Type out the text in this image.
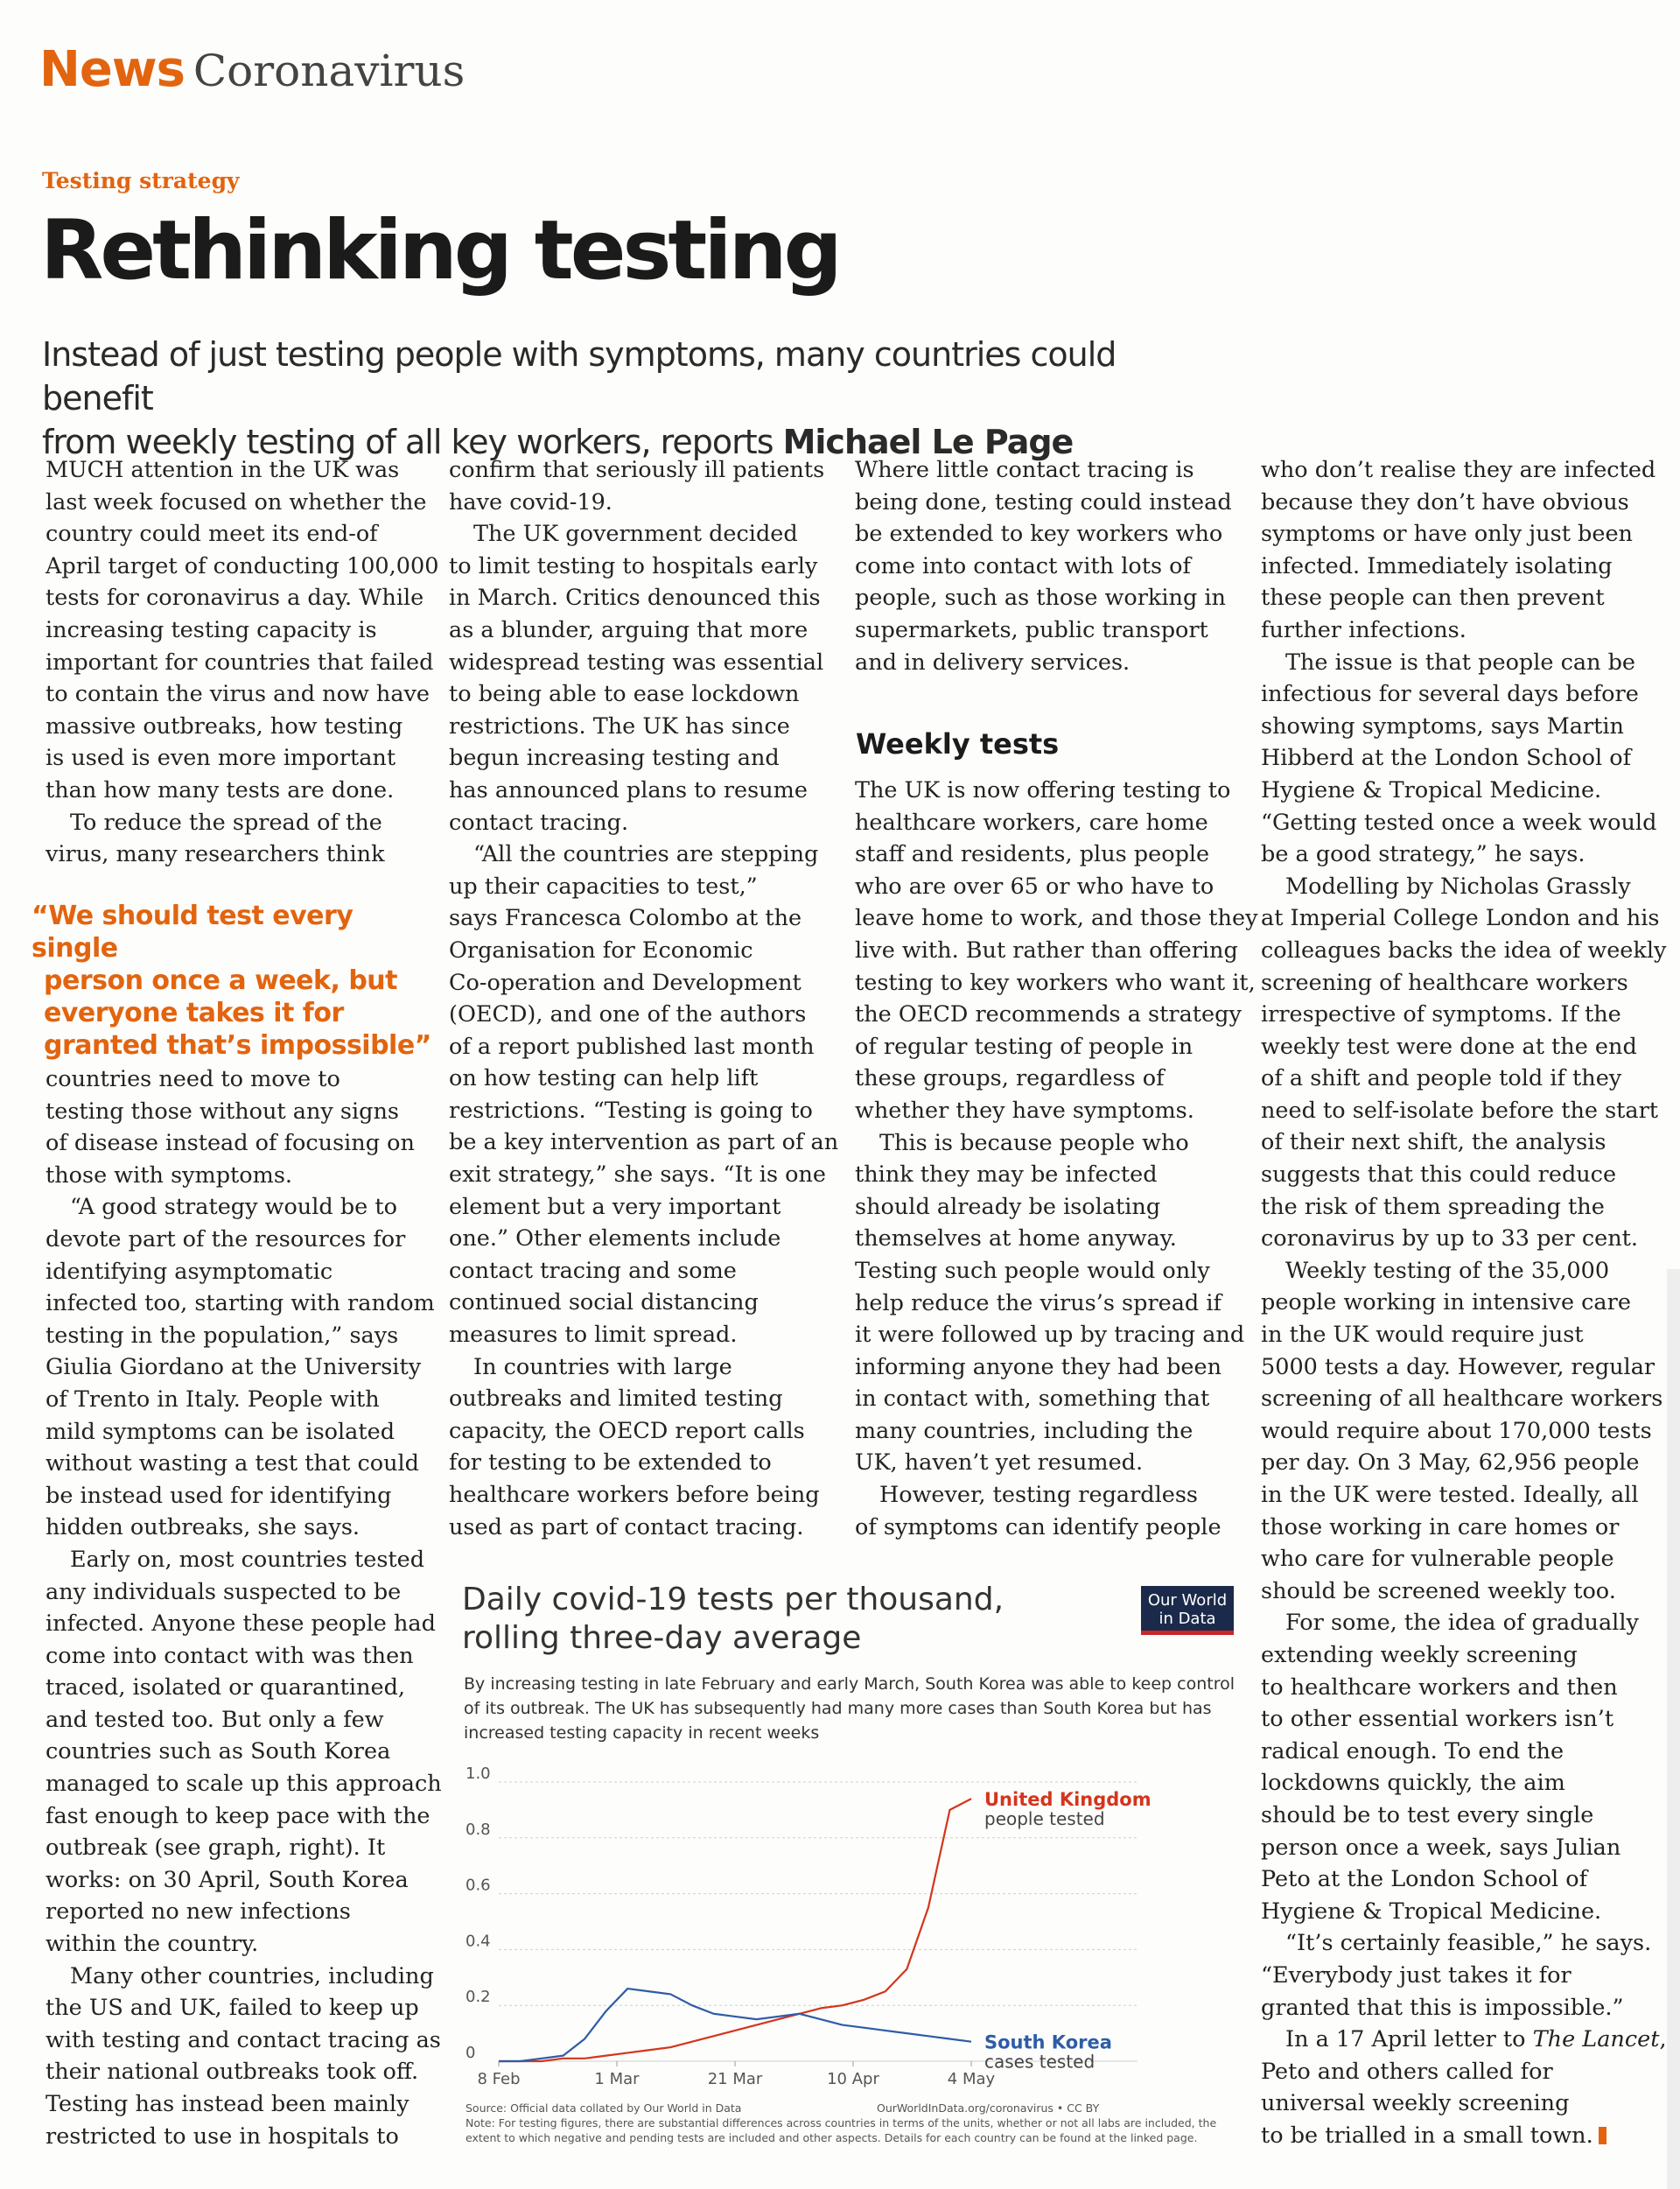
News Coronavirus
Testing strategy
Rethinking testing
Instead of just testing people with symptoms, many countries could benefit
from weekly testing of all key workers, reports Michael Le Page

MUCH attention in the UK was

last week focused on whether the

country could meet its end-of

April target of conducting 100,000

tests for coronavirus a day. While

increasing testing capacity is

important for countries that failed

to contain the virus and now have

massive outbreaks, how testing

is used is even more important

than how many tests are done.

To reduce the spread of the

virus, many researchers think

“We should test every single
person once a week, but
everyone takes it for
granted that’s impossible”

countries need to move to

testing those without any signs

of disease instead of focusing on

those with symptoms.

“A good strategy would be to

devote part of the resources for

identifying asymptomatic

infected too, starting with random

testing in the population,” says

Giulia Giordano at the University

of Trento in Italy. People with

mild symptoms can be isolated

without wasting a test that could

be instead used for identifying

hidden outbreaks, she says.

Early on, most countries tested

any individuals suspected to be

infected. Anyone these people had

come into contact with was then

traced, isolated or quarantined,

and tested too. But only a few

countries such as South Korea

managed to scale up this approach

fast enough to keep pace with the

outbreak (see graph, right). It

works: on 30 April, South Korea

reported no new infections

within the country.

Many other countries, including

the US and UK, failed to keep up

with testing and contact tracing as

their national outbreaks took off.

Testing has instead been mainly

restricted to use in hospitals to

confirm that seriously ill patients

have covid-19.

The UK government decided

to limit testing to hospitals early

in March. Critics denounced this

as a blunder, arguing that more

widespread testing was essential

to being able to ease lockdown

restrictions. The UK has since

begun increasing testing and

has announced plans to resume

contact tracing.

“All the countries are stepping

up their capacities to test,”

says Francesca Colombo at the

Organisation for Economic

Co-operation and Development

(OECD), and one of the authors

of a report published last month

on how testing can help lift

restrictions. “Testing is going to

be a key intervention as part of an

exit strategy,” she says. “It is one

element but a very important

one.” Other elements include

contact tracing and some

continued social distancing

measures to limit spread.

In countries with large

outbreaks and limited testing

capacity, the OECD report calls

for testing to be extended to

healthcare workers before being

used as part of contact tracing.

Where little contact tracing is

being done, testing could instead

be extended to key workers who

come into contact with lots of

people, such as those working in

supermarkets, public transport

and in delivery services.

Weekly tests

The UK is now offering testing to

healthcare workers, care home

staff and residents, plus people

who are over 65 or who have to

leave home to work, and those they

live with. But rather than offering

testing to key workers who want it,

the OECD recommends a strategy

of regular testing of people in

these groups, regardless of

whether they have symptoms.

This is because people who

think they may be infected

should already be isolating

themselves at home anyway.

Testing such people would only

help reduce the virus’s spread if

it were followed up by tracing and

informing anyone they had been

in contact with, something that

many countries, including the

UK, haven’t yet resumed.

However, testing regardless

of symptoms can identify people

who don’t realise they are infected

because they don’t have obvious

symptoms or have only just been

infected. Immediately isolating

these people can then prevent

further infections.

The issue is that people can be

infectious for several days before

showing symptoms, says Martin

Hibberd at the London School of

Hygiene & Tropical Medicine.

“Getting tested once a week would

be a good strategy,” he says.

Modelling by Nicholas Grassly

at Imperial College London and his

colleagues backs the idea of weekly

screening of healthcare workers

irrespective of symptoms. If the

weekly test were done at the end

of a shift and people told if they

need to self-isolate before the start

of their next shift, the analysis

suggests that this could reduce

the risk of them spreading the

coronavirus by up to 33 per cent.

Weekly testing of the 35,000

people working in intensive care

in the UK would require just

5000 tests a day. However, regular

screening of all healthcare workers

would require about 170,000 tests

per day. On 3 May, 62,956 people

in the UK were tested. Ideally, all

those working in care homes or

who care for vulnerable people

should be screened weekly too.

For some, the idea of gradually

extending weekly screening

to healthcare workers and then

to other essential workers isn’t

radical enough. To end the

lockdowns quickly, the aim

should be to test every single

person once a week, says Julian

Peto at the London School of

Hygiene & Tropical Medicine.

“It’s certainly feasible,” he says.

“Everybody just takes it for

granted that this is impossible.”

In a 17 April letter to The Lancet,

Peto and others called for

universal weekly screening

to be trialled in a small town.

Daily covid-19 tests per thousand,
rolling three-day average
Our World
in Data
By increasing testing in late February and early March, South Korea was able to keep control of its outbreak. The UK has subsequently had many more cases than South Korea but has increased testing capacity in recent weeks
0
0.2
0.4
0.6
0.8
1.0
8 Feb	1 Mar	21 Mar	10 Apr	4 May
United Kingdom
people tested
South Korea
cases tested
Source: Official data collated by Our World in Data	OurWorldInData.org/coronavirus • CC BY
Note: For testing figures, there are substantial differences across countries in terms of the units, whether or not all labs are included, the extent to which negative and pending tests are included and other aspects. Details for each country can be found at the linked page.
